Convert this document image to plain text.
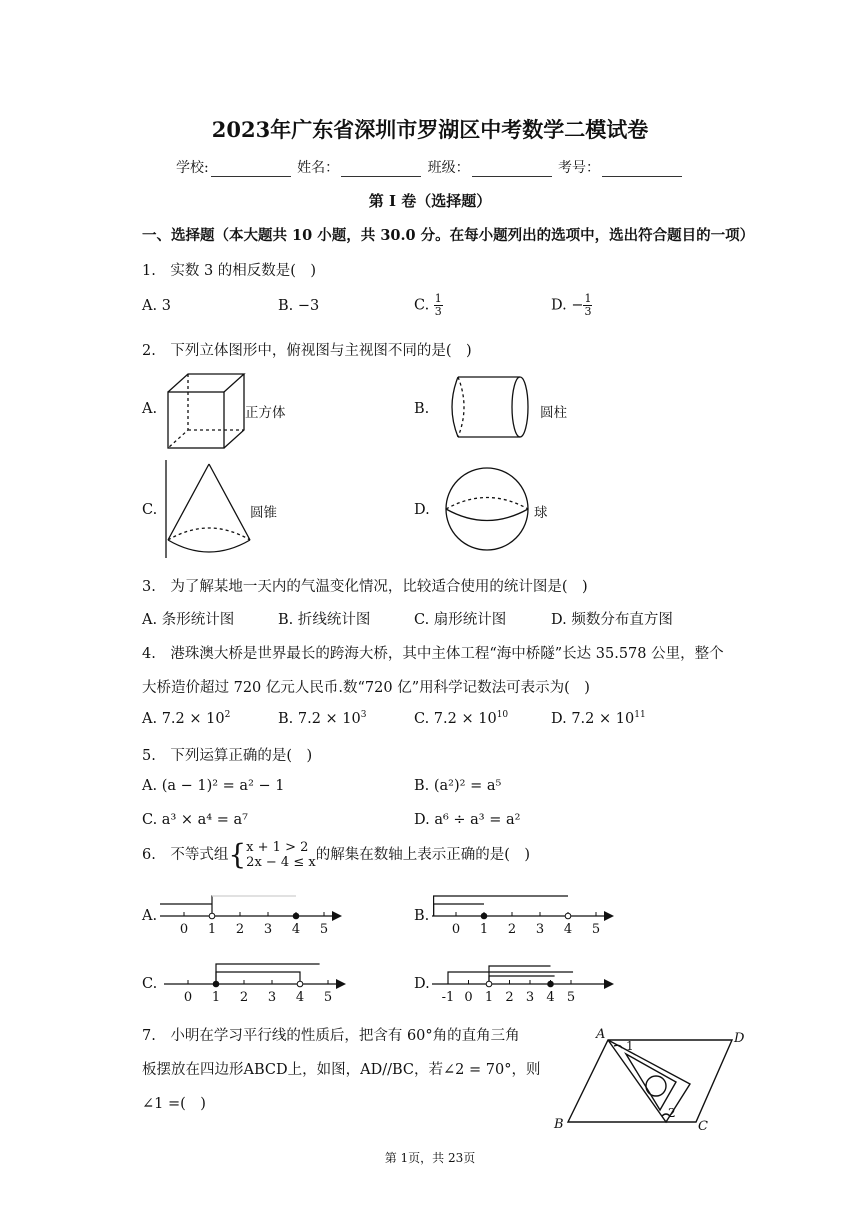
2023年广东省深圳市罗湖区中考数学二模试卷
学校:	姓名：	班级：	考号：
第 I 卷（选择题）
一、选择题（本大题共 10 小题，共 30.0 分。在每小题列出的选项中，选出符合题目的一项）
1.　实数 3 的相反数是(　)
A. 3	B. −3	C. $\frac{1}{3}$	D. − $\frac{1}{3}$
2.　下列立体图形中，俯视图与主视图不同的是(　)
A.	正方体	B.	圆柱
C.	圆锥	D.	球
3.　为了解某地一天内的气温变化情况，比较适合使用的统计图是(　)
A. 条形统计图	B. 折线统计图	C. 扇形统计图	D. 频数分布直方图
4.　港珠澳大桥是世界最长的跨海大桥，其中主体工程“海中桥隧”长达 35.578 公里，整个
大桥造价超过 720 亿元人民币.数“720 亿”用科学记数法可表示为(　)
A. $7.2 \times 10^2$	B. $7.2 \times 10^3$	C. $7.2 \times 10^{10}$	D. $7.2 \times 10^{11}$
5.　下列运算正确的是(　)
A. (a − 1)² = a² − 1	B. (a²)² = a⁵
C. a³ × a⁴ = a⁷	D. a⁶ ÷ a³ = a²
6.　不等式组{ x + 1 > 2
2x − 4 ≤ x 的解集在数轴上表示正确的是(　)
A.
0 1 2 3 4 5
B.
0 1 2 3 4 5
C.
0 1 2 3 4 5
D.
-1 0 1 2 3 4 5
7.　小明在学习平行线的性质后，把含有 60°角的直角三角
板摆放在四边形ABCD上，如图，AD//BC，若∠2 = 70°，则
∠1 =(　)
A	D
B	C
1
2
第 1页，共 23页
